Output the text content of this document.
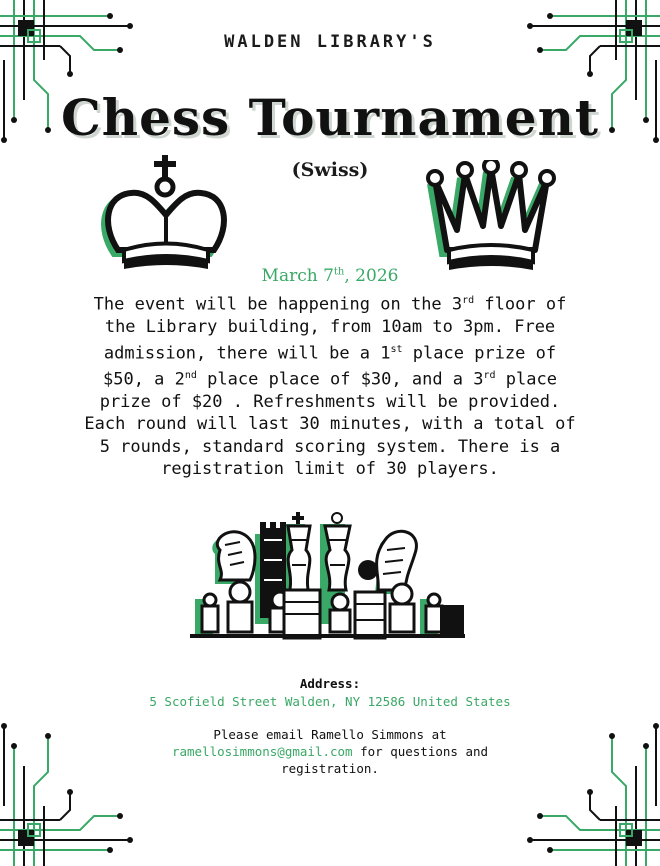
WALDEN LIBRARY'S
Chess Tournament
(Swiss)
March 7th, 2026
The event will be happening on the 3rd floor of
the Library building, from 10am to 3pm. Free
admission, there will be a 1st place prize of
$50, a 2nd place place of $30, and a 3rd place
prize of $20 . Refreshments will be provided.
Each round will last 30 minutes, with a total of
5 rounds, standard scoring system. There is a
registration limit of 30 players.
Address:
5 Scofield Street Walden, NY 12586 United States
Please email Ramello Simmons at
ramellosimmons@gmail.com for questions and
registration.
